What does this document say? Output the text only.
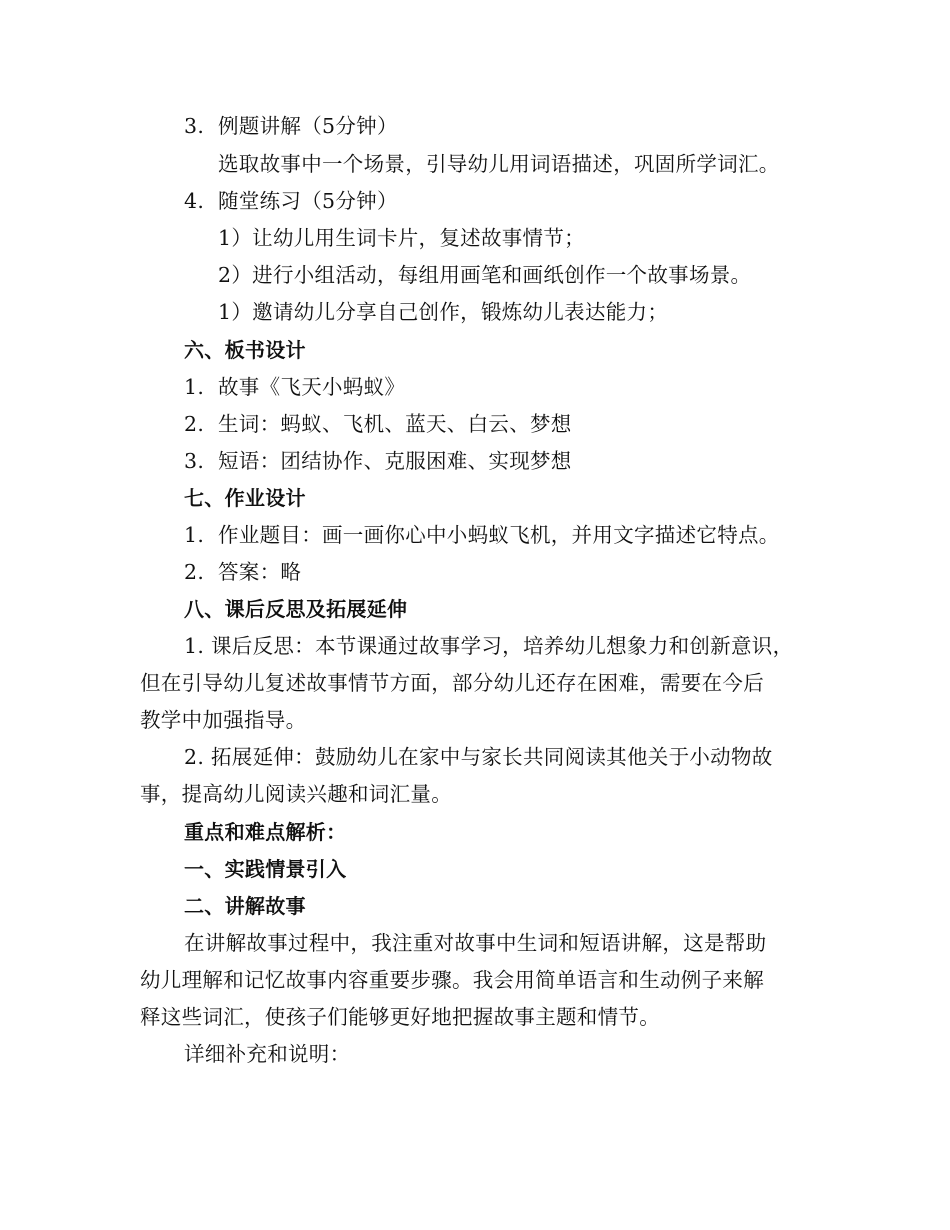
3. 例题讲解（5分钟）
选取故事中一个场景，引导幼儿用词语描述，巩固所学词汇。
4. 随堂练习（5分钟）
1）让幼儿用生词卡片，复述故事情节；
2）进行小组活动，每组用画笔和画纸创作一个故事场景。
1）邀请幼儿分享自己创作，锻炼幼儿表达能力；
六、板书设计
1. 故事《飞天小蚂蚁》
2. 生词：蚂蚁、飞机、蓝天、白云、梦想
3. 短语：团结协作、克服困难、实现梦想
七、作业设计
1. 作业题目：画一画你心中小蚂蚁飞机，并用文字描述它特点。
2. 答案：略
八、课后反思及拓展延伸
1. 课后反思：本节课通过故事学习，培养幼儿想象力和创新意识，
但在引导幼儿复述故事情节方面，部分幼儿还存在困难，需要在今后
教学中加强指导。
2. 拓展延伸：鼓励幼儿在家中与家长共同阅读其他关于小动物故
事，提高幼儿阅读兴趣和词汇量。
重点和难点解析：
一、实践情景引入
二、讲解故事
在讲解故事过程中，我注重对故事中生词和短语讲解，这是帮助
幼儿理解和记忆故事内容重要步骤。我会用简单语言和生动例子来解
释这些词汇，使孩子们能够更好地把握故事主题和情节。
详细补充和说明：
